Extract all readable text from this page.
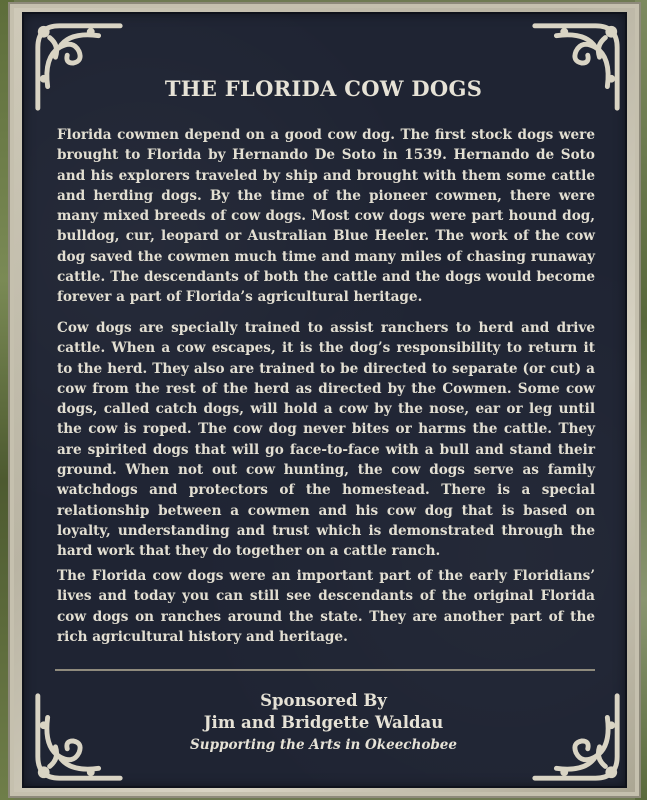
THE FLORIDA COW DOGS
Florida cowmen depend on a good cow dog. The first stock dogs were brought to Florida by Hernando De Soto in 1539. Hernando de Soto and his explorers traveled by ship and brought with them some cattle and herding dogs. By the time of the pioneer cowmen, there were many mixed breeds of cow dogs. Most cow dogs were part hound dog, bulldog, cur, leopard or Australian Blue Heeler. The work of the cow dog saved the cowmen much time and many miles of chasing runaway cattle. The descendants of both the cattle and the dogs would become forever a part of Florida’s agricultural heritage.
Cow dogs are specially trained to assist ranchers to herd and drive cattle. When a cow escapes, it is the dog’s responsibility to return it to the herd. They also are trained to be directed to separate (or cut) a cow from the rest of the herd as directed by the Cowmen. Some cow dogs, called catch dogs, will hold a cow by the nose, ear or leg until the cow is roped. The cow dog never bites or harms the cattle. They are spirited dogs that will go face-to-face with a bull and stand their ground. When not out cow hunting, the cow dogs serve as family watchdogs and protectors of the homestead. There is a special relationship between a cowmen and his cow dog that is based on loyalty, understanding and trust which is demonstrated through the hard work that they do together on a cattle ranch.
The Florida cow dogs were an important part of the early Floridians’ lives and today you can still see descendants of the original Florida cow dogs on ranches around the state. They are another part of the rich agricultural history and heritage.
Sponsored By
Jim and Bridgette Waldau
Supporting the Arts in Okeechobee
